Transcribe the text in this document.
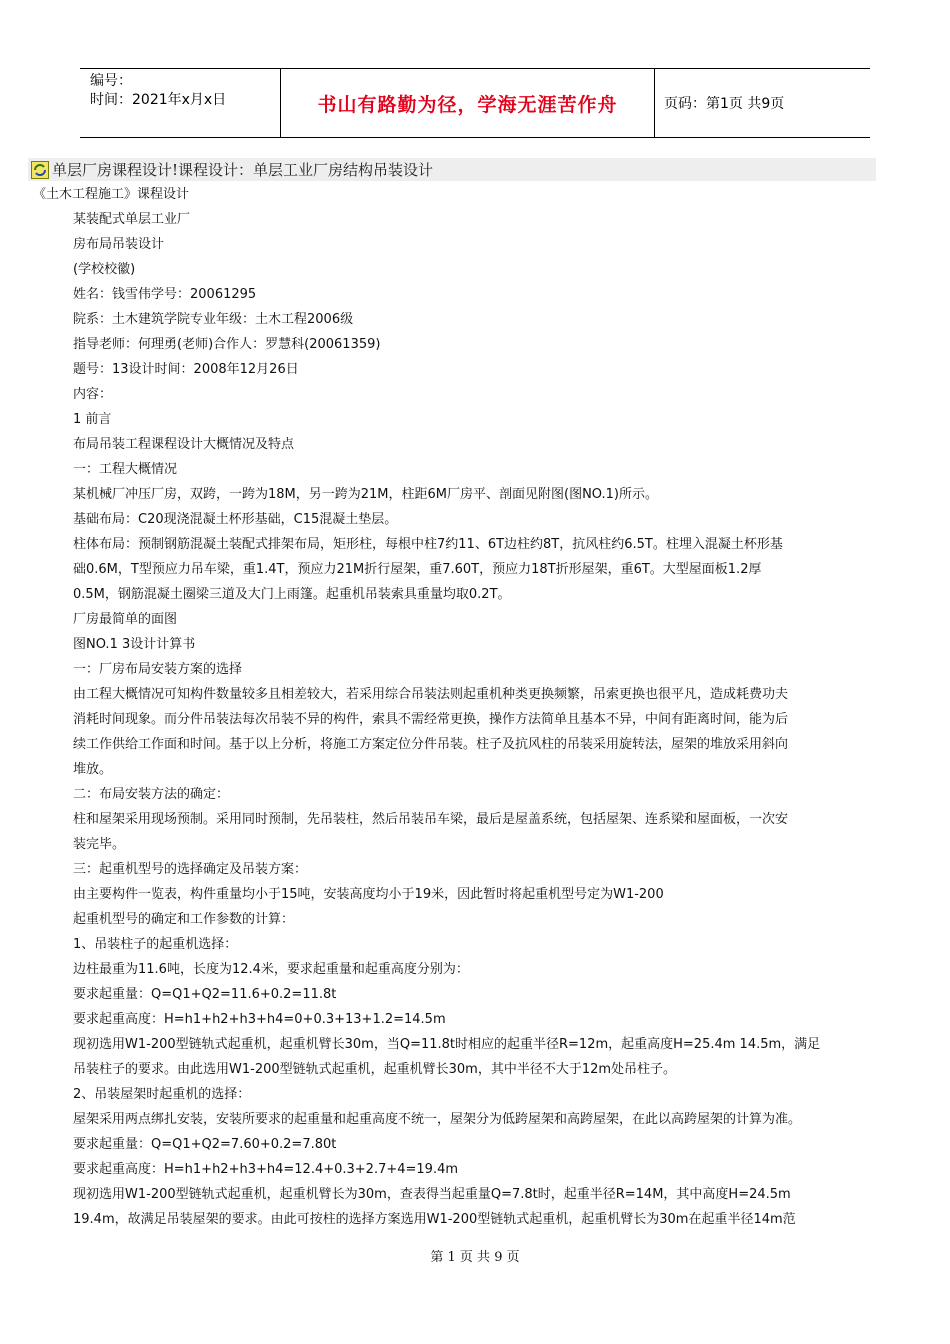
编号：
时间：2021年x月x日	书山有路勤为径，学海无涯苦作舟	页码：第1页 共9页
单层厂房课程设计!课程设计：单层工业厂房结构吊装设计
《土木工程施工》课程设计
某装配式单层工业厂
房布局吊装设计
(学校校徽)
姓名：钱雪伟学号：20061295
院系：土木建筑学院专业年级：土木工程2006级
指导老师：何理勇(老师)合作人：罗慧科(20061359)
题号：13设计时间：2008年12月26日
内容：
1 前言
布局吊装工程课程设计大概情况及特点
一：工程大概情况
某机械厂冲压厂房，双跨，一跨为18M，另一跨为21M，柱距6M厂房平、剖面见附图(图NO.1)所示。
基础布局：C20现浇混凝土杯形基础，C15混凝土垫层。
柱体布局：预制钢筋混凝土装配式排架布局，矩形柱，每根中柱7约11、6T边柱约8T，抗风柱约6.5T。柱埋入混凝土杯形基
础0.6M，T型预应力吊车梁，重1.4T，预应力21M折行屋架，重7.60T，预应力18T折形屋架，重6T。大型屋面板1.2厚
0.5M，钢筋混凝土圈梁三道及大门上雨篷。起重机吊装索具重量均取0.2T。
厂房最简单的面图
图NO.1 3设计计算书
一：厂房布局安装方案的选择
由工程大概情况可知构件数量较多且相差较大，若采用综合吊装法则起重机种类更换频繁，吊索更换也很平凡，造成耗费功夫
消耗时间现象。而分件吊装法每次吊装不异的构件，索具不需经常更换，操作方法简单且基本不异，中间有距离时间，能为后
续工作供给工作面和时间。基于以上分析，将施工方案定位分件吊装。柱子及抗风柱的吊装采用旋转法，屋架的堆放采用斜向
堆放。
二：布局安装方法的确定：
柱和屋架采用现场预制。采用同时预制，先吊装柱，然后吊装吊车梁，最后是屋盖系统，包括屋架、连系梁和屋面板，一次安
装完毕。
三：起重机型号的选择确定及吊装方案：
由主要构件一览表，构件重量均小于15吨，安装高度均小于19米，因此暂时将起重机型号定为W1-200
起重机型号的确定和工作参数的计算：
1、吊装柱子的起重机选择：
边柱最重为11.6吨，长度为12.4米，要求起重量和起重高度分别为：
要求起重量：Q=Q1+Q2=11.6+0.2=11.8t
要求起重高度：H=h1+h2+h3+h4=0+0.3+13+1.2=14.5m
现初选用W1-200型链轨式起重机，起重机臂长30m，当Q=11.8t时相应的起重半径R=12m，起重高度H=25.4m 14.5m，满足
吊装柱子的要求。由此选用W1-200型链轨式起重机，起重机臂长30m，其中半径不大于12m处吊柱子。
2、吊装屋架时起重机的选择：
屋架采用两点绑扎安装，安装所要求的起重量和起重高度不统一，屋架分为低跨屋架和高跨屋架，在此以高跨屋架的计算为准。
要求起重量：Q=Q1+Q2=7.60+0.2=7.80t
要求起重高度：H=h1+h2+h3+h4=12.4+0.3+2.7+4=19.4m
现初选用W1-200型链轨式起重机，起重机臂长为30m，查表得当起重量Q=7.8t时，起重半径R=14M，其中高度H=24.5m
19.4m，故满足吊装屋架的要求。由此可按柱的选择方案选用W1-200型链轨式起重机，起重机臂长为30m在起重半径14m范
第 1 页 共 9 页
